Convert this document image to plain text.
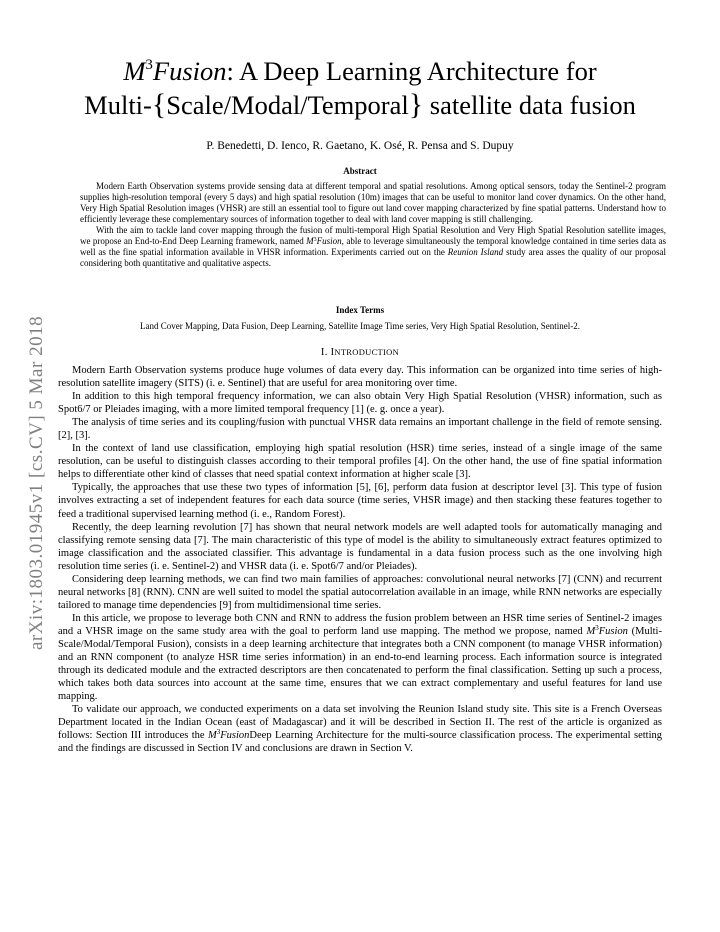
arXiv:1803.01945v1 [cs.CV] 5 Mar 2018
$M^3Fusion$: A Deep Learning Architecture for
Multi-{Scale/Modal/Temporal} satellite data fusion
P. Benedetti, D. Ienco, R. Gaetano, K. Osé, R. Pensa and S. Dupuy
Abstract

Modern Earth Observation systems provide sensing data at different temporal and spatial resolutions. Among optical sensors, today the Sentinel-2 program supplies high-resolution temporal (every 5 days) and high spatial resolution (10m) images that can be useful to monitor land cover dynamics. On the other hand, Very High Spatial Resolution images (VHSR) are still an essential tool to figure out land cover mapping characterized by fine spatial patterns. Understand how to efficiently leverage these complementary sources of information together to deal with land cover mapping is still challenging.

With the aim to tackle land cover mapping through the fusion of multi-temporal High Spatial Resolution and Very High Spatial Resolution satellite images, we propose an End-to-End Deep Learning framework, named $M^3Fusion$, able to leverage simultaneously the temporal knowledge contained in time series data as well as the fine spatial information available in VHSR information. Experiments carried out on the Reunion Island study area asses the quality of our proposal considering both quantitative and qualitative aspects.

Index Terms
Land Cover Mapping, Data Fusion, Deep Learning, Satellite Image Time series, Very High Spatial Resolution, Sentinel-2.
I. INTRODUCTION

Modern Earth Observation systems produce huge volumes of data every day. This information can be organized into time series of high-resolution satellite imagery (SITS) (i. e. Sentinel) that are useful for area monitoring over time.

In addition to this high temporal frequency information, we can also obtain Very High Spatial Resolution (VHSR) information, such as Spot6/7 or Pleiades imaging, with a more limited temporal frequency [1] (e. g. once a year).

The analysis of time series and its coupling/fusion with punctual VHSR data remains an important challenge in the field of remote sensing. [2], [3].

In the context of land use classification, employing high spatial resolution (HSR) time series, instead of a single image of the same resolution, can be useful to distinguish classes according to their temporal profiles [4]. On the other hand, the use of fine spatial information helps to differentiate other kind of classes that need spatial context information at higher scale [3].

Typically, the approaches that use these two types of information [5], [6], perform data fusion at descriptor level [3]. This type of fusion involves extracting a set of independent features for each data source (time series, VHSR image) and then stacking these features together to feed a traditional supervised learning method (i. e., Random Forest).

Recently, the deep learning revolution [7] has shown that neural network models are well adapted tools for automatically managing and classifying remote sensing data [7]. The main characteristic of this type of model is the ability to simultaneously extract features optimized to image classification and the associated classifier. This advantage is fundamental in a data fusion process such as the one involving high resolution time series (i. e. Sentinel-2) and VHSR data (i. e. Spot6/7 and/or Pleiades).

Considering deep learning methods, we can find two main families of approaches: convolutional neural networks [7] (CNN) and recurrent neural networks [8] (RNN). CNN are well suited to model the spatial autocorrelation available in an image, while RNN networks are especially tailored to manage time dependencies [9] from multidimensional time series.

In this article, we propose to leverage both CNN and RNN to address the fusion problem between an HSR time series of Sentinel-2 images and a VHSR image on the same study area with the goal to perform land use mapping. The method we propose, named $M^3Fusion$ (Multi-Scale/Modal/Temporal Fusion), consists in a deep learning architecture that integrates both a CNN component (to manage VHSR information) and an RNN component (to analyze HSR time series information) in an end-to-end learning process. Each information source is integrated through its dedicated module and the extracted descriptors are then concatenated to perform the final classification. Setting up such a process, which takes both data sources into account at the same time, ensures that we can extract complementary and useful features for land use mapping.

To validate our approach, we conducted experiments on a data set involving the Reunion Island study site. This site is a French Overseas Department located in the Indian Ocean (east of Madagascar) and it will be described in Section II. The rest of the article is organized as follows: Section III introduces the $M^3FusionDeep$ Learning Architecture for the multi-source classification process. The experimental setting and the findings are discussed in Section IV and conclusions are drawn in Section V.
